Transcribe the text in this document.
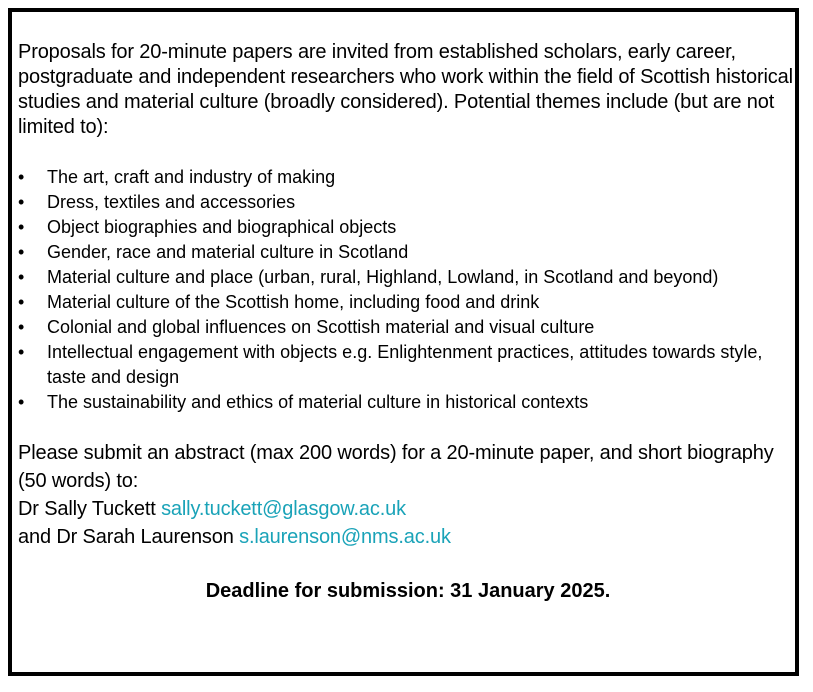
Proposals for 20-minute papers are invited from established scholars, early career, postgraduate and independent researchers who work within the field of Scottish historical studies and material culture (broadly considered). Potential themes include (but are not limited to):

• The art, craft and industry of making
• Dress, textiles and accessories
• Object biographies and biographical objects
• Gender, race and material culture in Scotland
• Material culture and place (urban, rural, Highland, Lowland, in Scotland and beyond)
• Material culture of the Scottish home, including food and drink
• Colonial and global influences on Scottish material and visual culture
• Intellectual engagement with objects e.g. Enlightenment practices, attitudes towards style, taste and design
• The sustainability and ethics of material culture in historical contexts

Please submit an abstract (max 200 words) for a 20-minute paper, and short biography (50 words) to:
Dr Sally Tuckett sally.tuckett@glasgow.ac.uk
and Dr Sarah Laurenson s.laurenson@nms.ac.uk

Deadline for submission: 31 January 2025.
